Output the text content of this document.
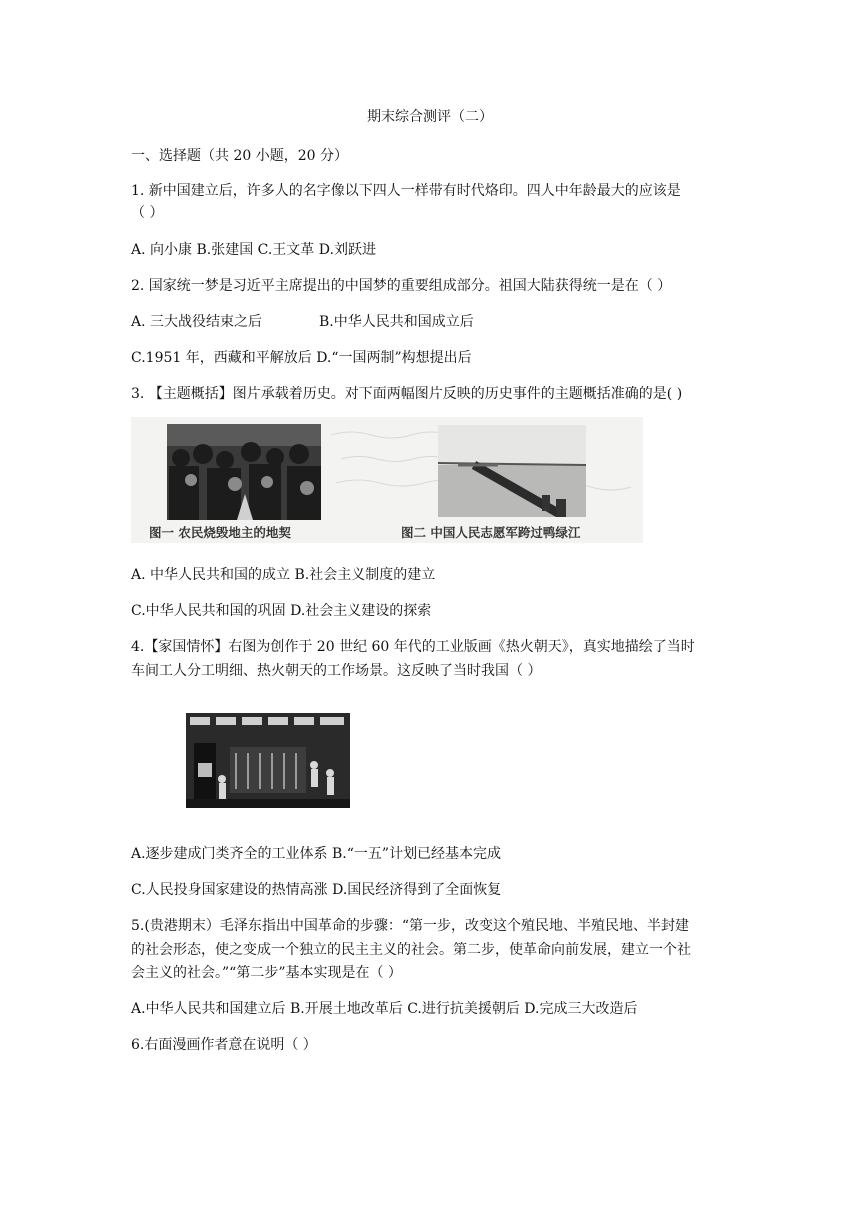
期末综合测评（二）
一、选择题（共 20 小题，20 分）
1. 新中国建立后，许多人的名字像以下四人一样带有时代烙印。四人中年龄最大的应该是
（ ）
A. 向小康 B.张建国 C.王文革 D.刘跃进
2. 国家统一梦是习近平主席提出的中国梦的重要组成部分。祖国大陆获得统一是在（ ）
A. 三大战役结束之后	B.中华人民共和国成立后
C.1951 年，西藏和平解放后 D.“一国两制”构想提出后
3. 【主题概括】图片承载着历史。对下面两幅图片反映的历史事件的主题概括准确的是( )
图一 农民烧毁地主的地契	图二 中国人民志愿军跨过鸭绿江
A. 中华人民共和国的成立 B.社会主义制度的建立
C.中华人民共和国的巩固 D.社会主义建设的探索
4.【家国情怀】右图为创作于 20 世纪 60 年代的工业版画《热火朝天》，真实地描绘了当时
车间工人分工明细、热火朝天的工作场景。这反映了当时我国（ ）
A.逐步建成门类齐全的工业体系 B.“一五”计划已经基本完成
C.人民投身国家建设的热情高涨 D.国民经济得到了全面恢复
5.(贵港期末）毛泽东指出中国革命的步骤：“第一步，改变这个殖民地、半殖民地、半封建
的社会形态，使之变成一个独立的民主主义的社会。第二步，使革命向前发展，建立一个社
会主义的社会。”“第二步”基本实现是在（ ）
A.中华人民共和国建立后 B.开展土地改革后 C.进行抗美援朝后 D.完成三大改造后
6.右面漫画作者意在说明（ ）
